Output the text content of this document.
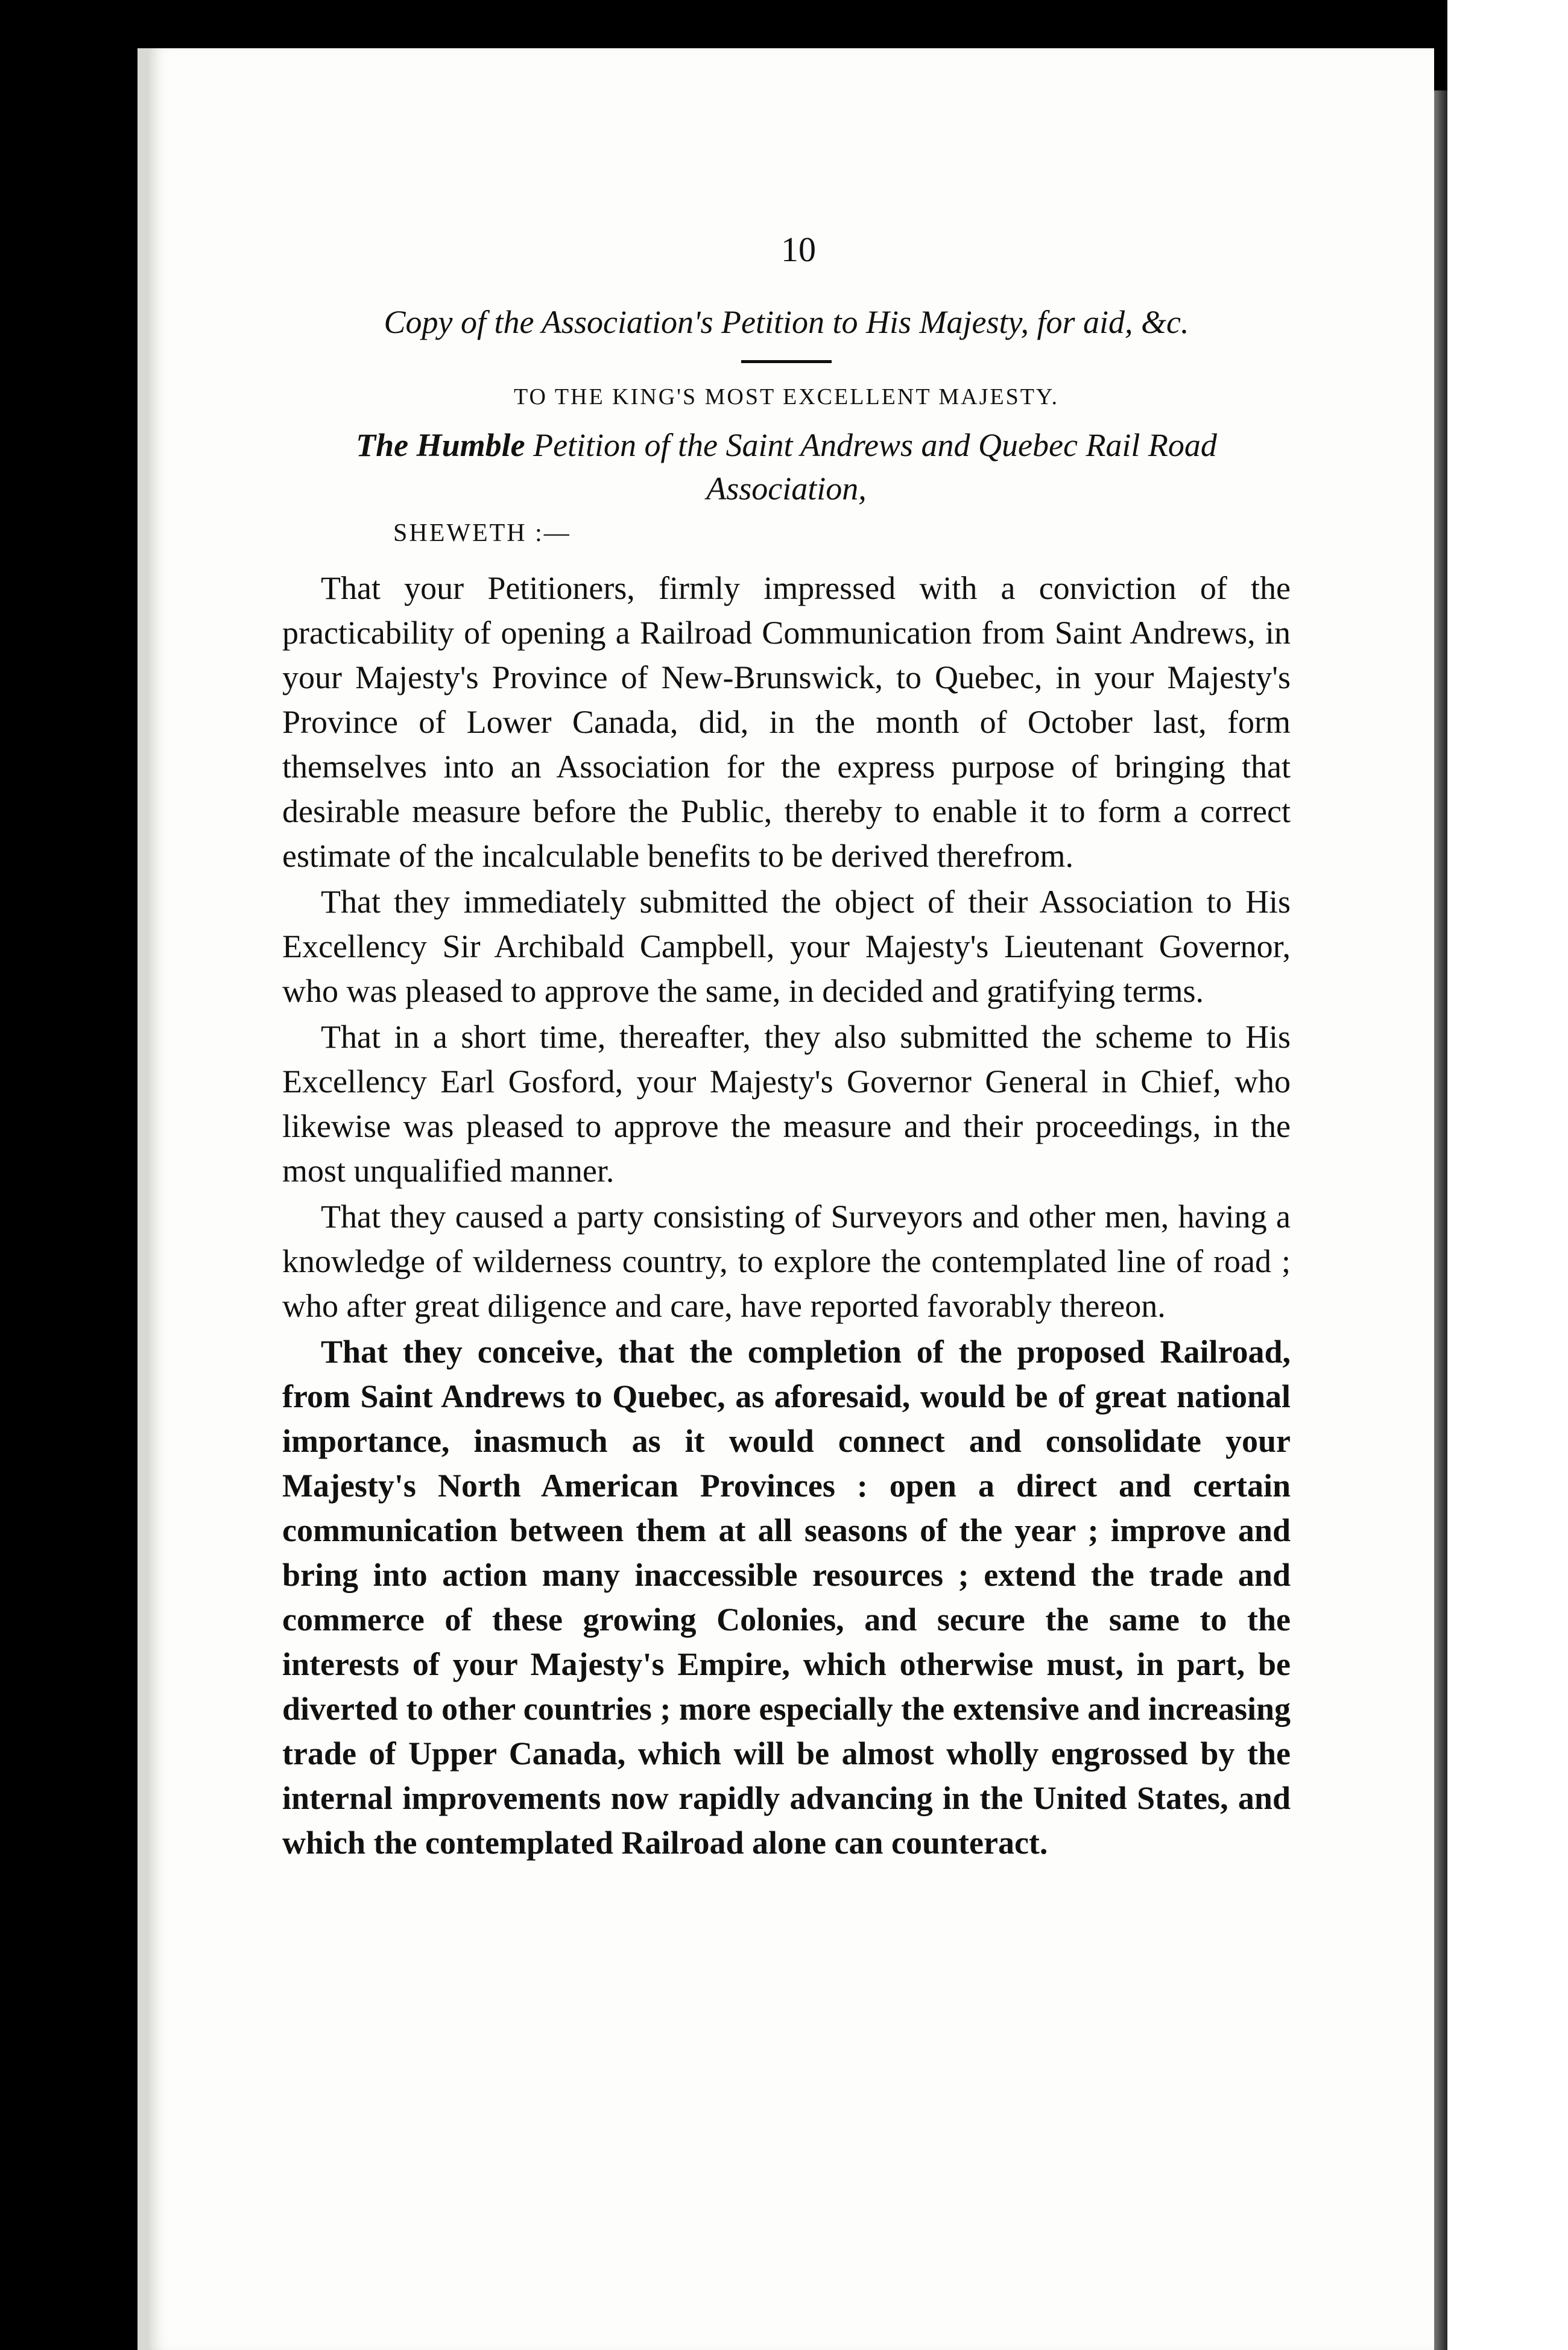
10

Copy of the Association's Petition to His Majesty, for aid, &c.

TO THE KING'S MOST EXCELLENT MAJESTY.

The Humble Petition of the Saint Andrews and Quebec Rail Road Association,

SHEWETH :—

That your Petitioners, firmly impressed with a conviction of the practicability of opening a Railroad Communication from Saint Andrews, in your Majesty's Province of New-Brunswick, to Quebec, in your Majesty's Province of Lower Canada, did, in the month of October last, form themselves into an Association for the express purpose of bringing that desirable measure before the Public, thereby to enable it to form a correct estimate of the incalculable benefits to be derived therefrom.

That they immediately submitted the object of their Association to His Excellency Sir Archibald Campbell, your Majesty's Lieutenant Governor, who was pleased to approve the same, in decided and gratifying terms.

That in a short time, thereafter, they also submitted the scheme to His Excellency Earl Gosford, your Majesty's Governor General in Chief, who likewise was pleased to approve the measure and their proceedings, in the most unqualified manner.

That they caused a party consisting of Surveyors and other men, having a knowledge of wilderness country, to explore the contemplated line of road ; who after great diligence and care, have reported favorably thereon.

That they conceive, that the completion of the proposed Railroad, from Saint Andrews to Quebec, as aforesaid, would be of great national importance, inasmuch as it would connect and consolidate your Majesty's North American Provinces : open a direct and certain communication between them at all seasons of the year ; improve and bring into action many inaccessible resources ; extend the trade and commerce of these growing Colonies, and secure the same to the interests of your Majesty's Empire, which otherwise must, in part, be diverted to other countries ; more especially the extensive and increasing trade of Upper Canada, which will be almost wholly engrossed by the internal improvements now rapidly advancing in the United States, and which the contemplated Railroad alone can counteract.
